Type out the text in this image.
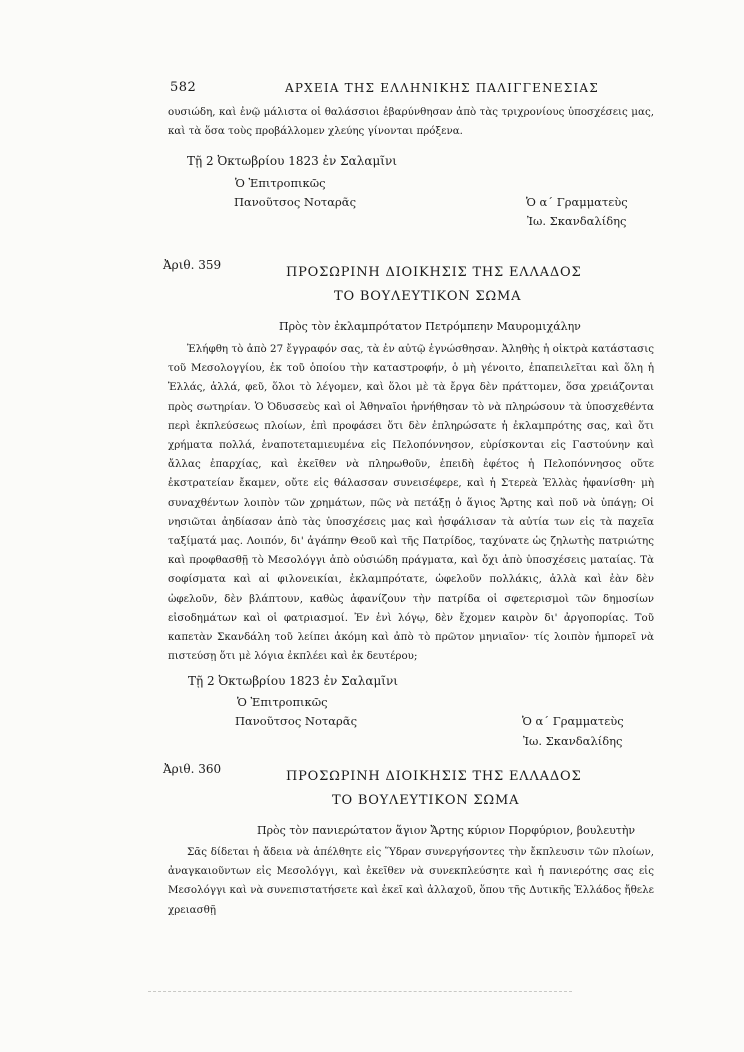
582	ΑΡΧΕΙΑ ΤΗΣ ΕΛΛΗΝΙΚΗΣ ΠΑΛΙΓΓΕΝΕΣΙΑΣ
ουσιώδη, καὶ ἐνῷ μάλιστα οἱ θαλάσσιοι ἐβαρύνθησαν ἀπὸ τὰς τριχρονίους ὑποσχέσεις μας, καὶ τὰ ὅσα τοὺς προβάλλομεν χλεύης γίνονται πρόξενα.
Τῇ 2 Ὀκτωβρίου 1823 ἐν Σαλαμῖνι
Ὁ Ἐπιτροπικῶς
Πανοῦτσος Νοταρᾶς	Ὁ α΄ Γραμματεὺς
Ἰω. Σκανδαλίδης
Ἀριθ. 359	ΠΡΟΣΩΡΙΝΗ ΔΙΟΙΚΗΣΙΣ ΤΗΣ ΕΛΛΑΔΟΣ
ΤΟ ΒΟΥΛΕΥΤΙΚΟΝ ΣΩΜΑ
Πρὸς τὸν ἐκλαμπρότατον Πετρόμπεην Μαυρομιχάλην
Ἐλήφθη τὸ ἀπὸ 27 ἔγγραφόν σας, τὰ ἐν αὐτῷ ἐγνώσθησαν. Ἀληθὴς ἡ οἰκτρὰ κατάστασις τοῦ Μεσολογγίου, ἐκ τοῦ ὁποίου τὴν καταστροφήν, ὁ μὴ γένοιτο, ἐπαπειλεῖται καὶ ὅλη ἡ Ἑλλάς, ἀλλά, φεῦ, ὅλοι τὸ λέγομεν, καὶ ὅλοι μὲ τὰ ἔργα δὲν πράττομεν, ὅσα χρειάζονται πρὸς σωτηρίαν. Ὁ Ὀδυσσεὺς καὶ οἱ Ἀθηναῖοι ἠρνήθησαν τὸ νὰ πληρώσουν τὰ ὑποσχεθέντα περὶ ἐκπλεύσεως πλοίων, ἐπὶ προφάσει ὅτι δὲν ἐπληρώσατε ἡ ἐκλαμπρότης σας, καὶ ὅτι χρήματα πολλά, ἐναποτεταμιευμένα εἰς Πελοπόννησον, εὑρίσκονται εἰς Γαστούνην καὶ ἄλλας ἐπαρχίας, καὶ ἐκεῖθεν νὰ πληρωθοῦν, ἐπειδὴ ἐφέτος ἡ Πελοπόννησος οὔτε ἐκστρατείαν ἔκαμεν, οὔτε εἰς θάλασσαν συνεισέφερε, καὶ ἡ Στερεὰ Ἑλλὰς ἠφανίσθη· μὴ συναχθέντων λοιπὸν τῶν χρημάτων, πῶς νὰ πετάξῃ ὁ ἅγιος Ἄρτης καὶ ποῦ νὰ ὑπάγῃ; Οἱ νησιῶται ἀηδίασαν ἀπὸ τὰς ὑποσχέσεις μας καὶ ἠσφάλισαν τὰ αὐτία των εἰς τὰ παχεῖα ταξίματά μας. Λοιπόν, δι' ἀγάπην Θεοῦ καὶ τῆς Πατρίδος, ταχύνατε ὡς ζηλωτὴς πατριώτης καὶ προφθασθῇ τὸ Μεσολόγγι ἀπὸ οὐσιώδη πράγματα, καὶ ὄχι ἀπὸ ὑποσχέσεις ματαίας. Τὰ σοφίσματα καὶ αἱ φιλονεικίαι, ἐκλαμπρότατε, ὠφελοῦν πολλάκις, ἀλλὰ καὶ ἐὰν δὲν ὠφελοῦν, δὲν βλάπτουν, καθὼς ἀφανίζουν τὴν πατρίδα οἱ σφετερισμοὶ τῶν δημοσίων εἰσοδημάτων καὶ οἱ φατριασμοί. Ἐν ἑνὶ λόγῳ, δὲν ἔχομεν καιρὸν δι' ἀργοπορίας. Τοῦ καπετὰν Σκανδάλη τοῦ λείπει ἀκόμη καὶ ἀπὸ τὸ πρῶτον μηνιαῖον· τίς λοιπὸν ἠμπορεῖ νὰ πιστεύσῃ ὅτι μὲ λόγια ἐκπλέει καὶ ἐκ δευτέρου;
Τῇ 2 Ὀκτωβρίου 1823 ἐν Σαλαμῖνι
Ὁ Ἐπιτροπικῶς
Πανοῦτσος Νοταρᾶς	Ὁ α΄ Γραμματεὺς
Ἰω. Σκανδαλίδης
Ἀριθ. 360	ΠΡΟΣΩΡΙΝΗ ΔΙΟΙΚΗΣΙΣ ΤΗΣ ΕΛΛΑΔΟΣ
ΤΟ ΒΟΥΛΕΥΤΙΚΟΝ ΣΩΜΑ
Πρὸς τὸν πανιερώτατον ἅγιον Ἄρτης κύριον Πορφύριον, βουλευτὴν
Σᾶς δίδεται ἡ ἄδεια νὰ ἀπέλθητε εἰς Ὕδραν συνεργήσοντες τὴν ἔκπλευσιν τῶν πλοίων, ἀναγκαιοῦντων εἰς Μεσολόγγι, καὶ ἐκεῖθεν νὰ συνεκπλεύσητε καὶ ἡ πανιερότης σας εἰς Μεσολόγγι καὶ νὰ συνεπιστατήσετε καὶ ἐκεῖ καὶ ἀλλαχοῦ, ὅπου τῆς Δυτικῆς Ἑλλάδος ἤθελε χρειασθῇ
